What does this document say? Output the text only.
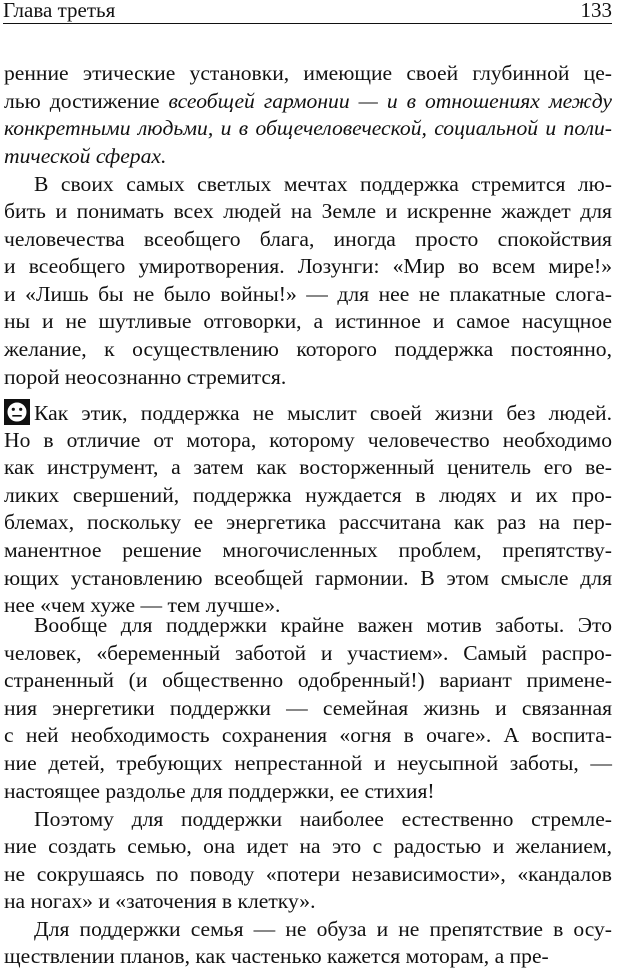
Глава третья	133
ренние этические установки, имеющие своей глубинной це-
лью достижение всеобщей гармонии — и в отношениях между
конкретными людьми, и в общечеловеческой, социальной и поли-
тической сферах.
В своих самых светлых мечтах поддержка стремится лю-
бить и понимать всех людей на Земле и искренне жаждет для
человечества всеобщего блага, иногда просто спокойствия
и всеобщего умиротворения. Лозунги: «Мир во всем мире!»
и «Лишь бы не было войны!» — для нее не плакатные слога-
ны и не шутливые отговорки, а истинное и самое насущное
желание, к осуществлению которого поддержка постоянно,
порой неосознанно стремится.
Как этик, поддержка не мыслит своей жизни без людей.
Но в отличие от мотора, которому человечество необходимо
как инструмент, а затем как восторженный ценитель его ве-
ликих свершений, поддержка нуждается в людях и их про-
блемах, поскольку ее энергетика рассчитана как раз на пер-
манентное решение многочисленных проблем, препятству-
ющих установлению всеобщей гармонии. В этом смысле для
нее «чем хуже — тем лучше».
Вообще для поддержки крайне важен мотив заботы. Это
человек, «беременный заботой и участием». Самый распро-
страненный (и общественно одобренный!) вариант примене-
ния энергетики поддержки — семейная жизнь и связанная
с ней необходимость сохранения «огня в очаге». А воспита-
ние детей, требующих непрестанной и неусыпной заботы, —
настоящее раздолье для поддержки, ее стихия!
Поэтому для поддержки наиболее естественно стремле-
ние создать семью, она идет на это с радостью и желанием,
не сокрушаясь по поводу «потери независимости», «кандалов
на ногах» и «заточения в клетку».
Для поддержки семья — не обуза и не препятствие в осу-
ществлении планов, как частенько кажется моторам, а пре-
